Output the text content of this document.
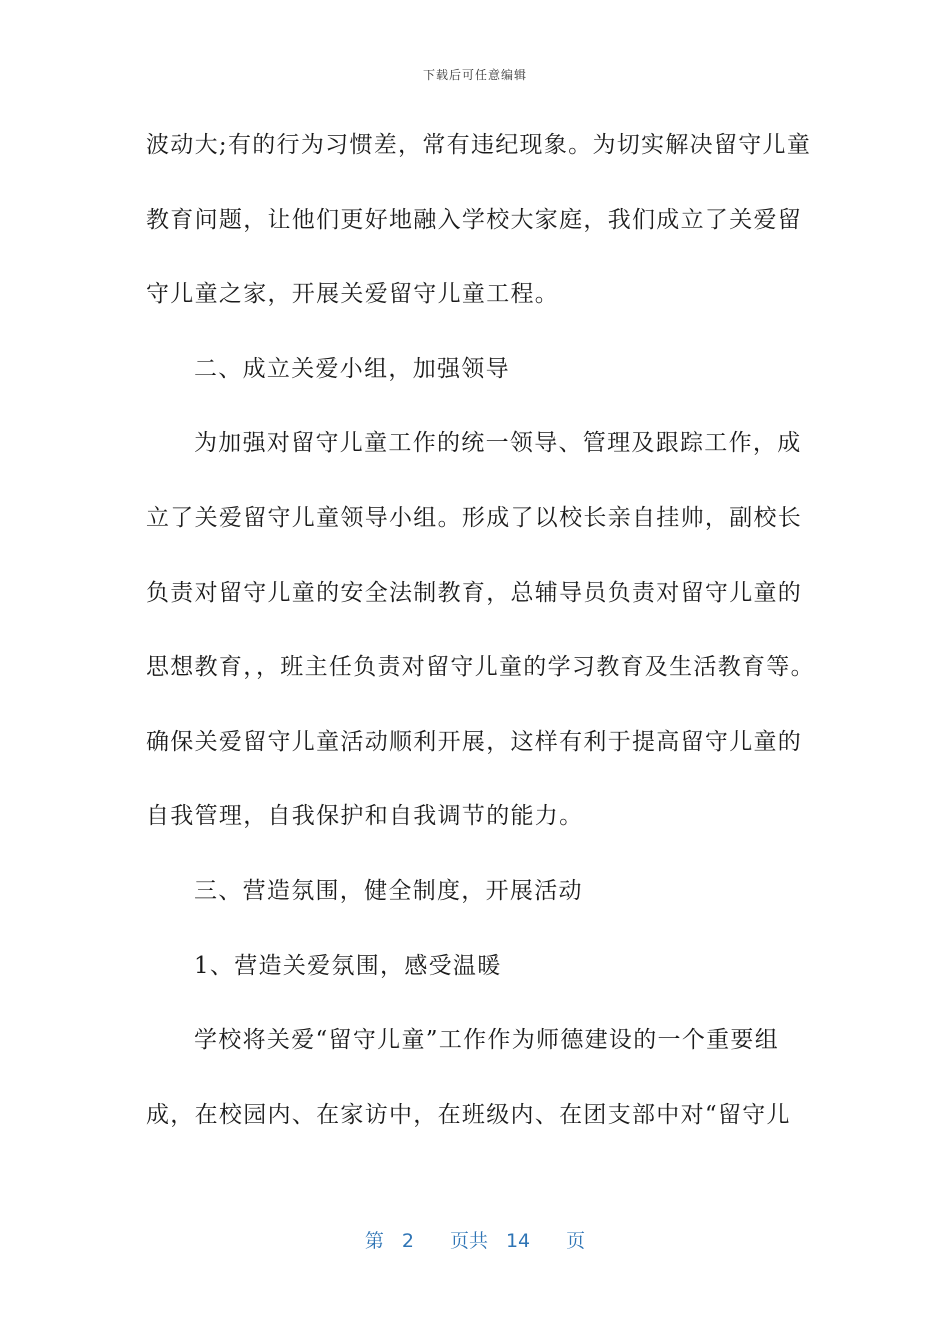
下载后可任意编辑
波动大;有的行为习惯差，常有违纪现象。为切实解决留守儿童
教育问题，让他们更好地融入学校大家庭，我们成立了关爱留
守儿童之家，开展关爱留守儿童工程。
二、成立关爱小组，加强领导
为加强对留守儿童工作的统一领导、管理及跟踪工作，成
立了关爱留守儿童领导小组。形成了以校长亲自挂帅，副校长
负责对留守儿童的安全法制教育，总辅导员负责对留守儿童的
思想教育，，班主任负责对留守儿童的学习教育及生活教育等。
确保关爱留守儿童活动顺利开展，这样有利于提高留守儿童的
自我管理，自我保护和自我调节的能力。
三、营造氛围，健全制度，开展活动
1、营造关爱氛围，感受温暖
学校将关爱“留守儿童”工作作为师德建设的一个重要组
成，在校园内、在家访中，在班级内、在团支部中对“留守儿
第 2 页共 14 页
